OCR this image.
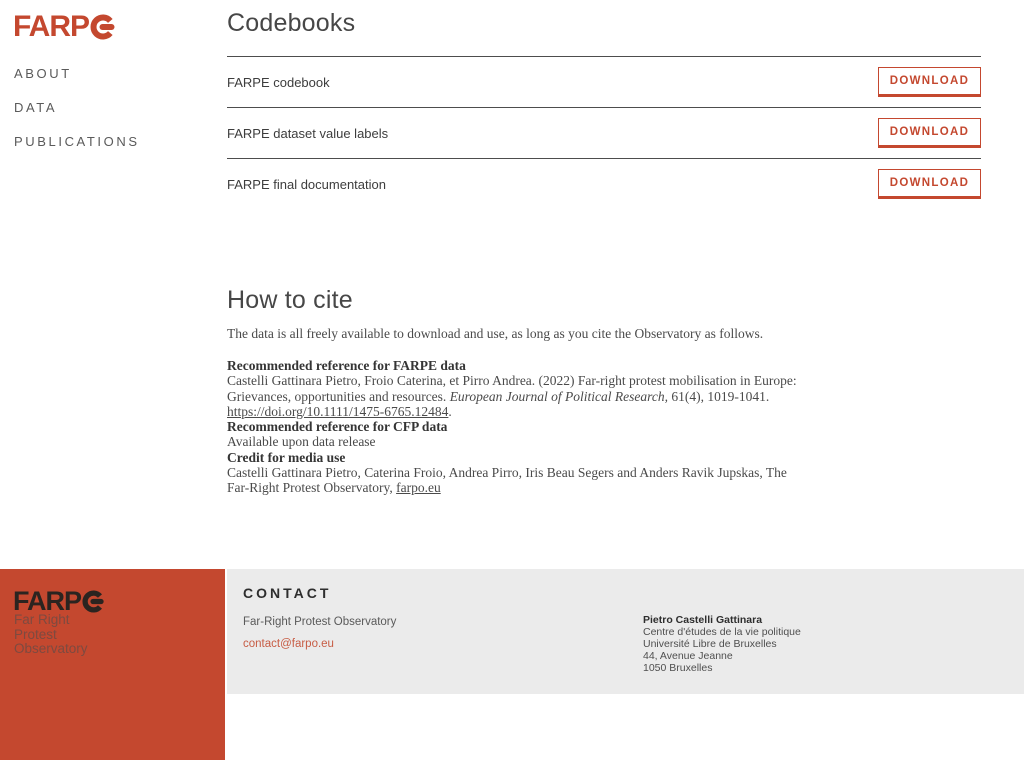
FARP
ABOUT
DATA
PUBLICATIONS
Codebooks
FARPE codebook	DOWNLOAD
FARPE dataset value labels	DOWNLOAD
FARPE final documentation	DOWNLOAD
How to cite

The data is all freely available to download and use, as long as you cite the Observatory as follows.

Recommended reference for FARPE data
Castelli Gattinara Pietro, Froio Caterina, et Pirro Andrea. (2022) Far-right protest mobilisation in Europe: Grievances, opportunities and resources. European Journal of Political Research, 61(4), 1019-1041. https://doi.org/10.1111/1475-6765.12484.
Recommended reference for CFP data
Available upon data release
Credit for media use
Castelli Gattinara Pietro, Caterina Froio, Andrea Pirro, Iris Beau Segers and Anders Ravik Jupskas, The Far-Right Protest Observatory, farpo.eu
FARP
Far Right
Protest
Observatory
CONTACT
Far-Right Protest Observatory
contact@farpo.eu
Pietro Castelli Gattinara
Centre d'études de la vie politique
Université Libre de Bruxelles
44, Avenue Jeanne
1050 Bruxelles
